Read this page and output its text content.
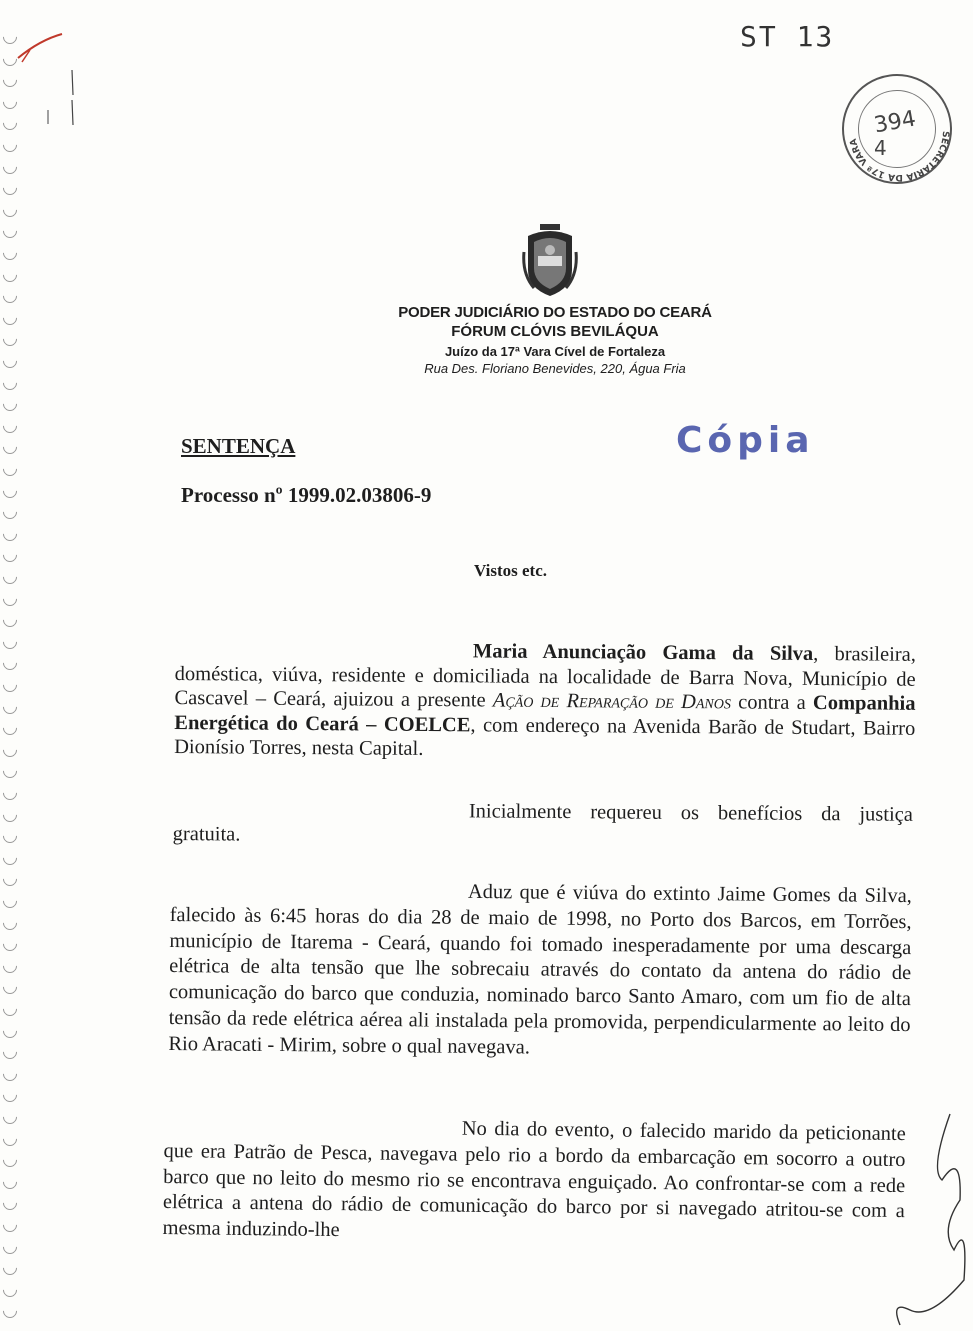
ST 13
SECRETARIA DA 17ª VARA
394
4
PODER JUDICIÁRIO DO ESTADO DO CEARÁ
FÓRUM CLÓVIS BEVILÁQUA
Juízo da 17ª Vara Cível de Fortaleza
Rua Des. Floriano Benevides, 220, Água Fria
SENTENÇA	Cópia
Processo nº 1999.02.03806-9
Vistos etc.
Maria Anunciação Gama da Silva, brasileira, doméstica, viúva, residente e domiciliada na localidade de Barra Nova, Município de Cascavel – Ceará, ajuizou a presente Ação de Reparação de Danos contra a Companhia Energética do Ceará – COELCE, com endereço na Avenida Barão de Studart, Bairro Dionísio Torres, nesta Capital.
Inicialmente requereu os benefícios da justiça gratuita.
Aduz que é viúva do extinto Jaime Gomes da Silva, falecido às 6:45 horas do dia 28 de maio de 1998, no Porto dos Barcos, em Torrões, município de Itarema - Ceará, quando foi tomado inesperadamente por uma descarga elétrica de alta tensão que lhe sobrecaiu através do contato da antena do rádio de comunicação do barco que conduzia, nominado barco Santo Amaro, com um fio de alta tensão da rede elétrica aérea ali instalada pela promovida, perpendicularmente ao leito do Rio Aracati - Mirim, sobre o qual navegava.
No dia do evento, o falecido marido da peticionante que era Patrão de Pesca, navegava pelo rio a bordo da embarcação em socorro a outro barco que no leito do mesmo rio se encontrava enguiçado. Ao confrontar-se com a rede elétrica a antena do rádio de comunicação do barco por si navegado atritou-se com a mesma induzindo-lhe
